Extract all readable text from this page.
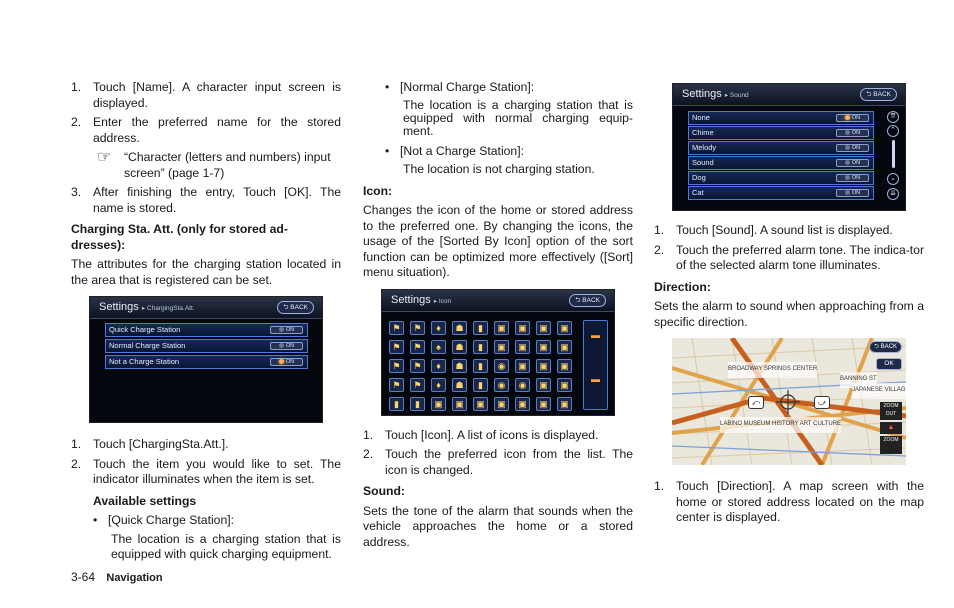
1. Touch [Name]. A character input screen is displayed.
2. Enter the preferred name for the stored address.
☞	“Character (letters and numbers) input screen” (page 1-7)
3. After finishing the entry, Touch [OK]. The name is stored.
Charging Sta. Att. (only for stored ad-dresses):

The attributes for the charging station located in the area that is registered can be set.

Settings ▸ ChargingSta.Att.	⮌ BACK
Quick Charge Station	ON
Normal Charge Station	ON
Not a Charge Station	ON
1. Touch [ChargingSta.Att.].
2. Touch the item you would like to set. The indicator illuminates when the item is set.
Available settings
• [Quick Charge Station]:
The location is a charging station that is equipped with quick charging equipment.
• [Normal Charge Station]:
The location is a charging station that is equipped with normal charging equip-ment.
• [Not a Charge Station]:
The location is not charging station.
Icon:

Changes the icon of the home or stored address to the preferred one. By changing the icons, the usage of the [Sorted By Icon] option of the sort function can be optimized more effectively ([Sort] menu situation).

Settings ▸ Icon	⮌ BACK
⚑	⚑	♦	☗	▮	▣	▣	▣	▣
⚑	⚑	♠	☗	▮	▣	▣	▣	▣
⚑	⚑	♦	☗	▮	◉	▣	▣	▣
⚑	⚑	♦	☗	▮	◉	◉	▣	▣
▮	▮	▣	▣	▣	▣	▣	▣	▣
▬
▬
1. Touch [Icon]. A list of icons is displayed.
2. Touch the preferred icon from the list. The icon is changed.
Sound:

Sets the tone of the alarm that sounds when the vehicle approaches the home or a stored address.

Settings ▸ Sound	⮌ BACK
None	ON
Chime	ON
Melody	ON
Sound	ON
Dog	ON
Cat	ON
⇈
⌃
⌄
⇊
1. Touch [Sound]. A sound list is displayed.
2. Touch the preferred alarm tone. The indica-tor of the selected alarm tone illuminates.
Direction:

Sets the alarm to sound when approaching from a specific direction.

BROADWAY SPRINGS CENTER
BANNING ST
JAPANESE VILLAG
LABINO MUSEUM HISTORY ART CULTURE
⤺	⤻
⮌ BACK
OK
ZOOM OUT
▲
ZOOM
1. Touch [Direction]. A map screen with the home or stored address located on the map center is displayed.
3-64 Navigation
